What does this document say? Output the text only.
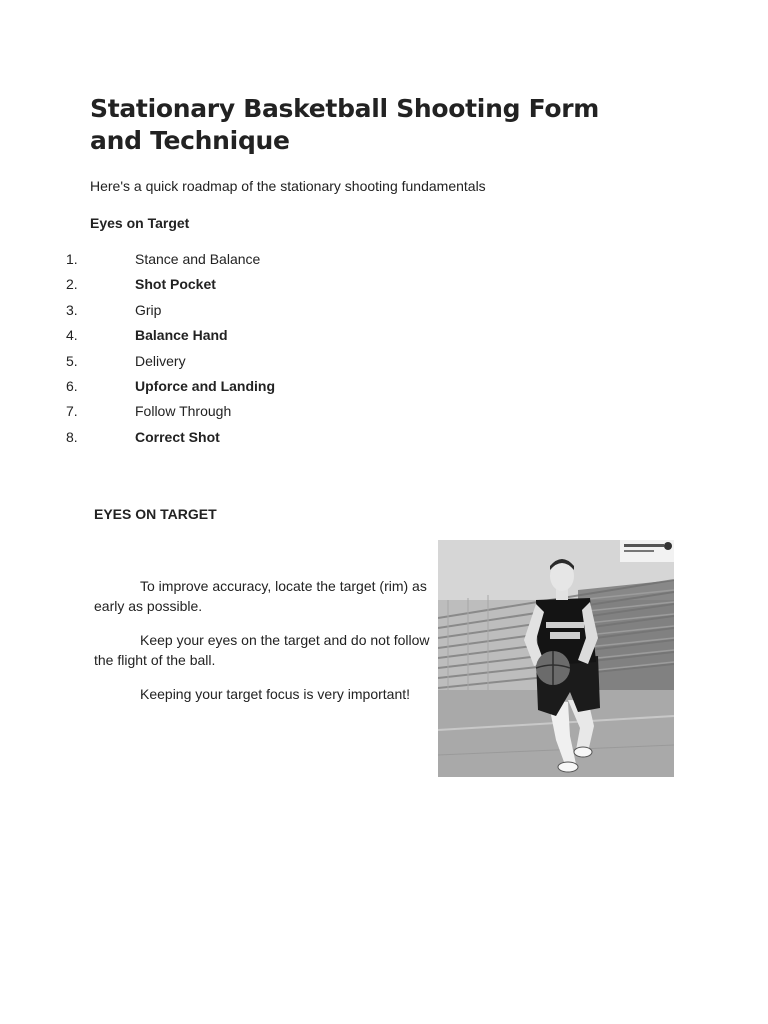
Stationary Basketball Shooting Form and Technique

Here's a quick roadmap of the stationary shooting fundamentals

Eyes on Target

1.	Stance and Balance
2.	Shot Pocket
3.	Grip
4.	Balance Hand
5.	Delivery
6.	Upforce and Landing
7.	Follow Through
8.	Correct Shot

EYES ON TARGET

To improve accuracy, locate the target (rim) as early as possible.

Keep your eyes on the target and do not follow the flight of the ball.

Keeping your target focus is very important!
